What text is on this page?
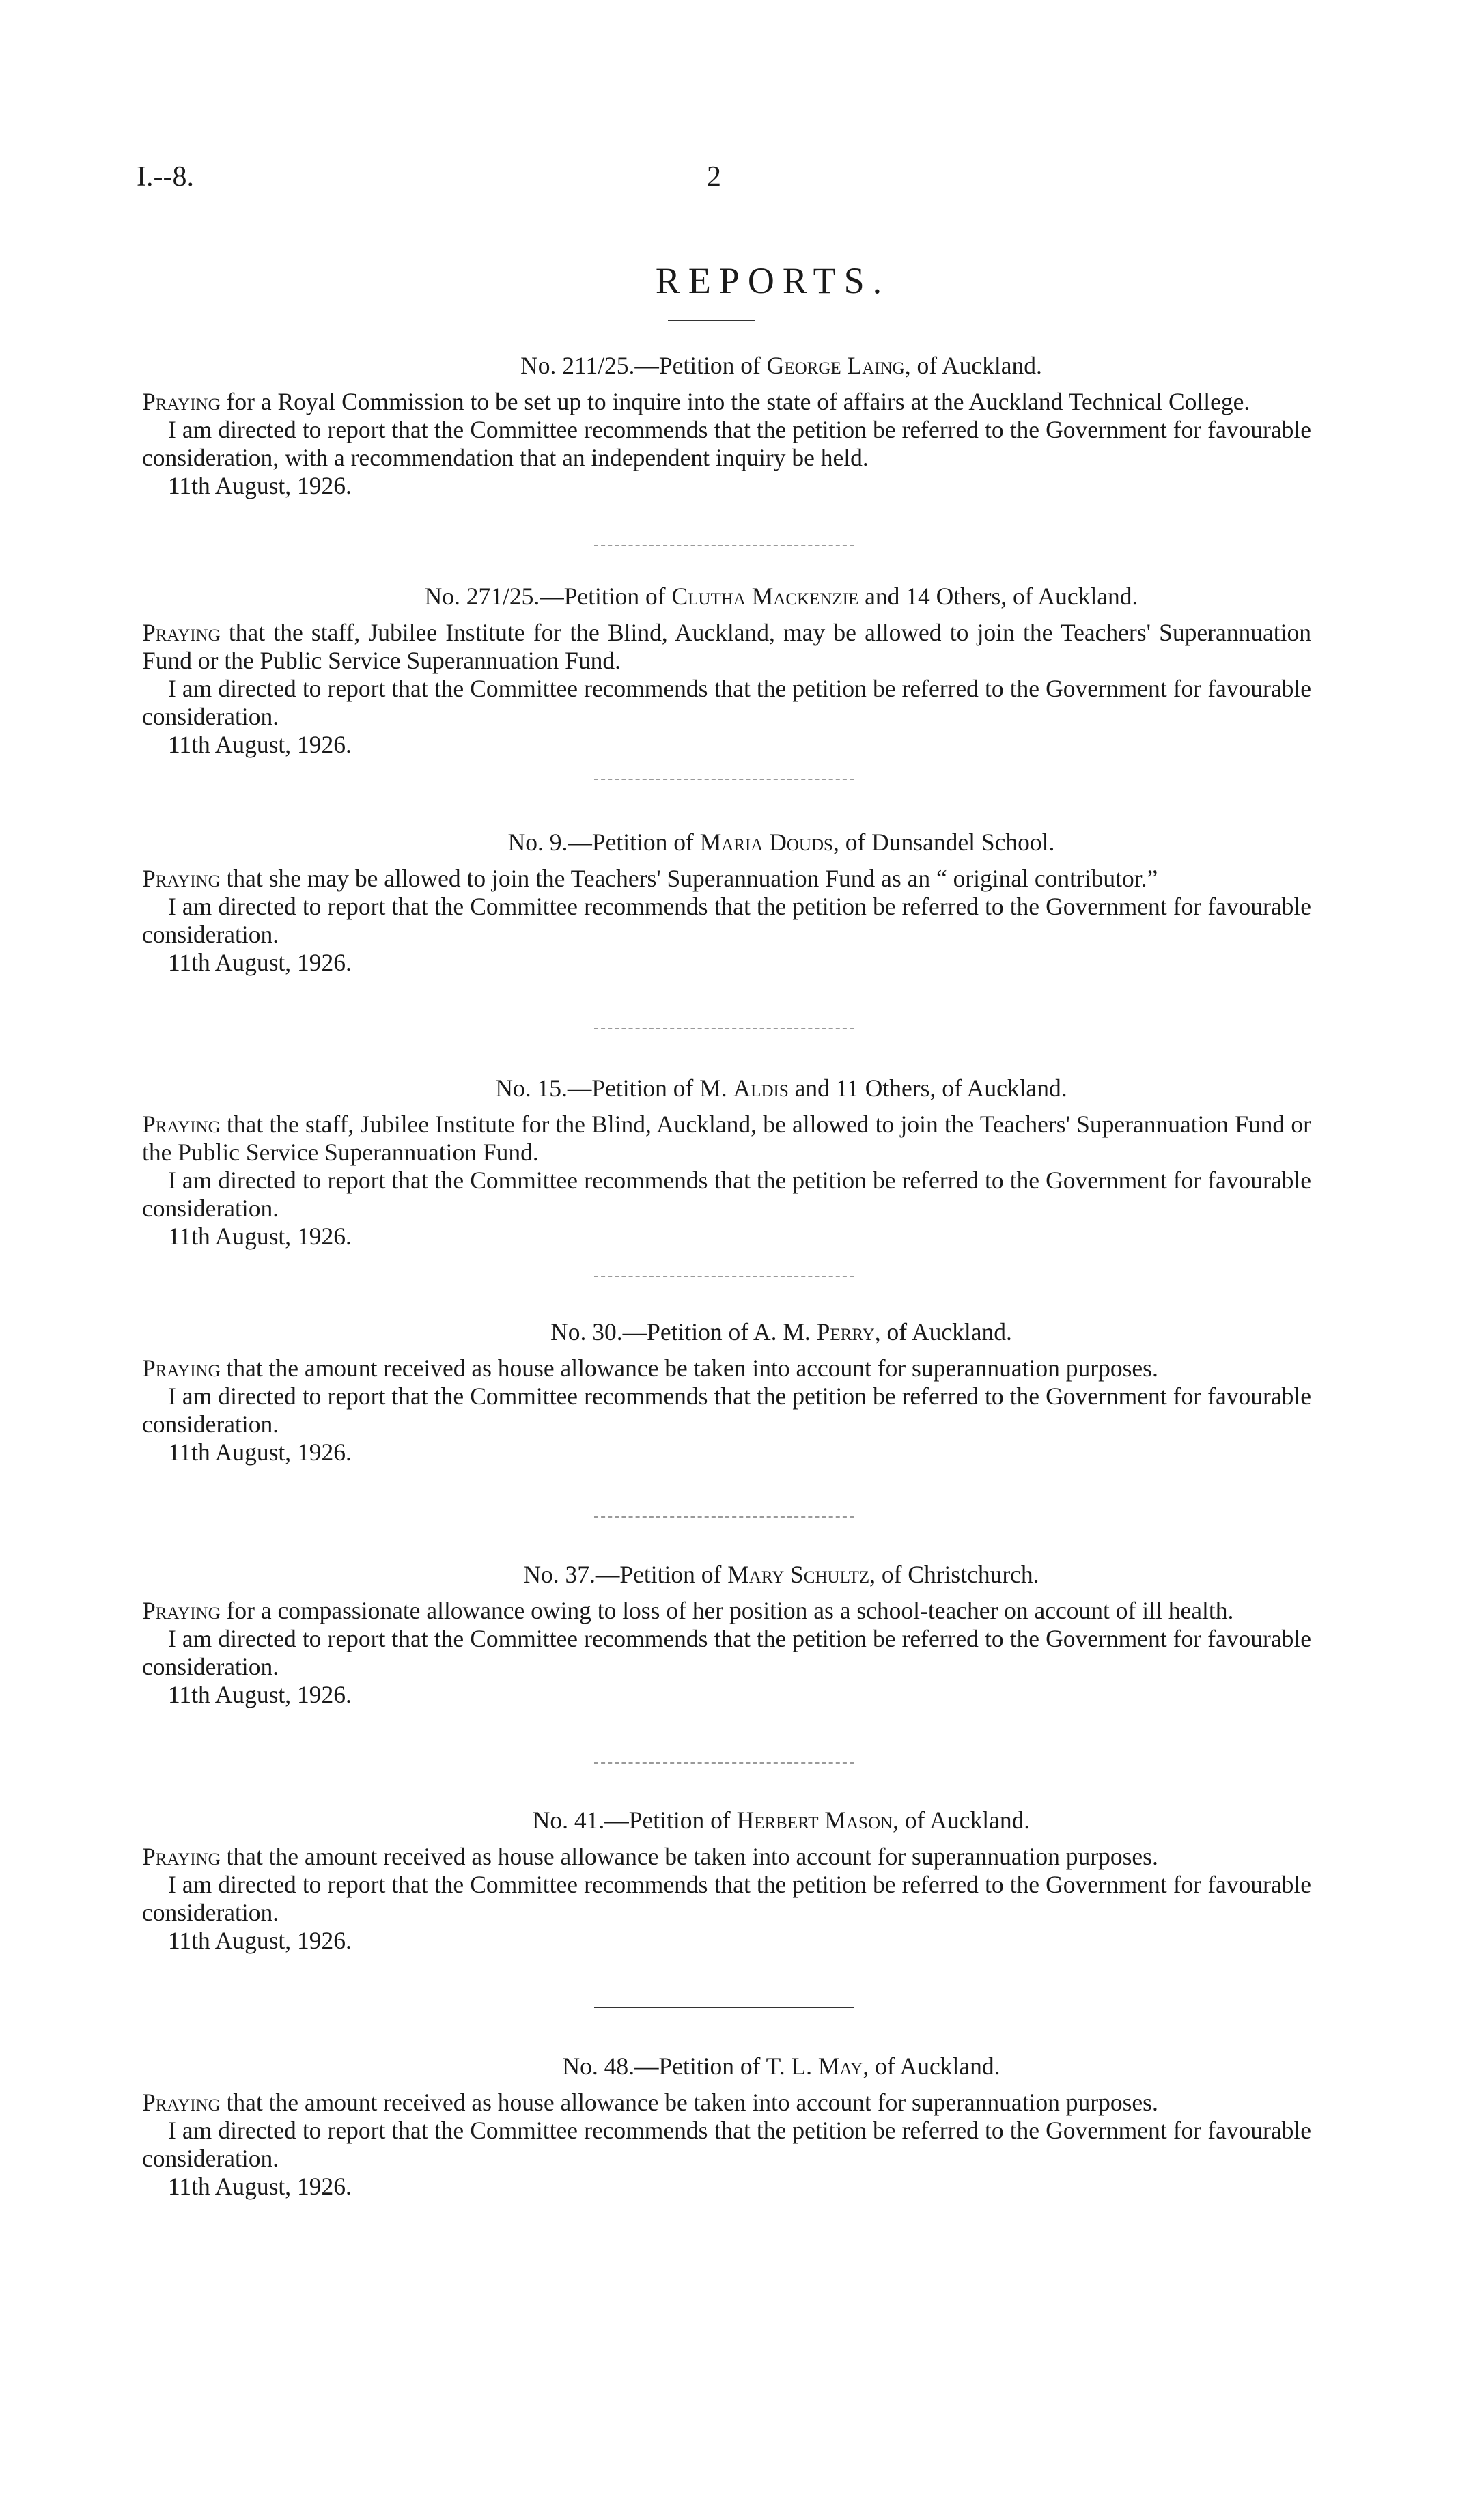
I.--8.	2
REPORTS.

No. 211/25.—Petition of George Laing, of Auckland.

Praying for a Royal Commission to be set up to inquire into the state of affairs at the Auckland Technical College.

I am directed to report that the Committee recommends that the petition be referred to the Government for favourable consideration, with a recommendation that an independent inquiry be held.

11th August, 1926.

No. 271/25.—Petition of Clutha Mackenzie and 14 Others, of Auckland.

Praying that the staff, Jubilee Institute for the Blind, Auckland, may be allowed to join the Teachers' Superannuation Fund or the Public Service Superannuation Fund.

I am directed to report that the Committee recommends that the petition be referred to the Government for favourable consideration.

11th August, 1926.

No. 9.—Petition of Maria Douds, of Dunsandel School.

Praying that she may be allowed to join the Teachers' Superannuation Fund as an “ original contributor.”

I am directed to report that the Committee recommends that the petition be referred to the Government for favourable consideration.

11th August, 1926.

No. 15.—Petition of M. Aldis and 11 Others, of Auckland.

Praying that the staff, Jubilee Institute for the Blind, Auckland, be allowed to join the Teachers' Superannuation Fund or the Public Service Superannuation Fund.

I am directed to report that the Committee recommends that the petition be referred to the Government for favourable consideration.

11th August, 1926.

No. 30.—Petition of A. M. Perry, of Auckland.

Praying that the amount received as house allowance be taken into account for superannuation purposes.

I am directed to report that the Committee recommends that the petition be referred to the Government for favourable consideration.

11th August, 1926.

No. 37.—Petition of Mary Schultz, of Christchurch.

Praying for a compassionate allowance owing to loss of her position as a school-teacher on account of ill health.

I am directed to report that the Committee recommends that the petition be referred to the Government for favourable consideration.

11th August, 1926.

No. 41.—Petition of Herbert Mason, of Auckland.

Praying that the amount received as house allowance be taken into account for superannuation purposes.

I am directed to report that the Committee recommends that the petition be referred to the Government for favourable consideration.

11th August, 1926.

No. 48.—Petition of T. L. May, of Auckland.

Praying that the amount received as house allowance be taken into account for superannuation purposes.

I am directed to report that the Committee recommends that the petition be referred to the Government for favourable consideration.

11th August, 1926.
